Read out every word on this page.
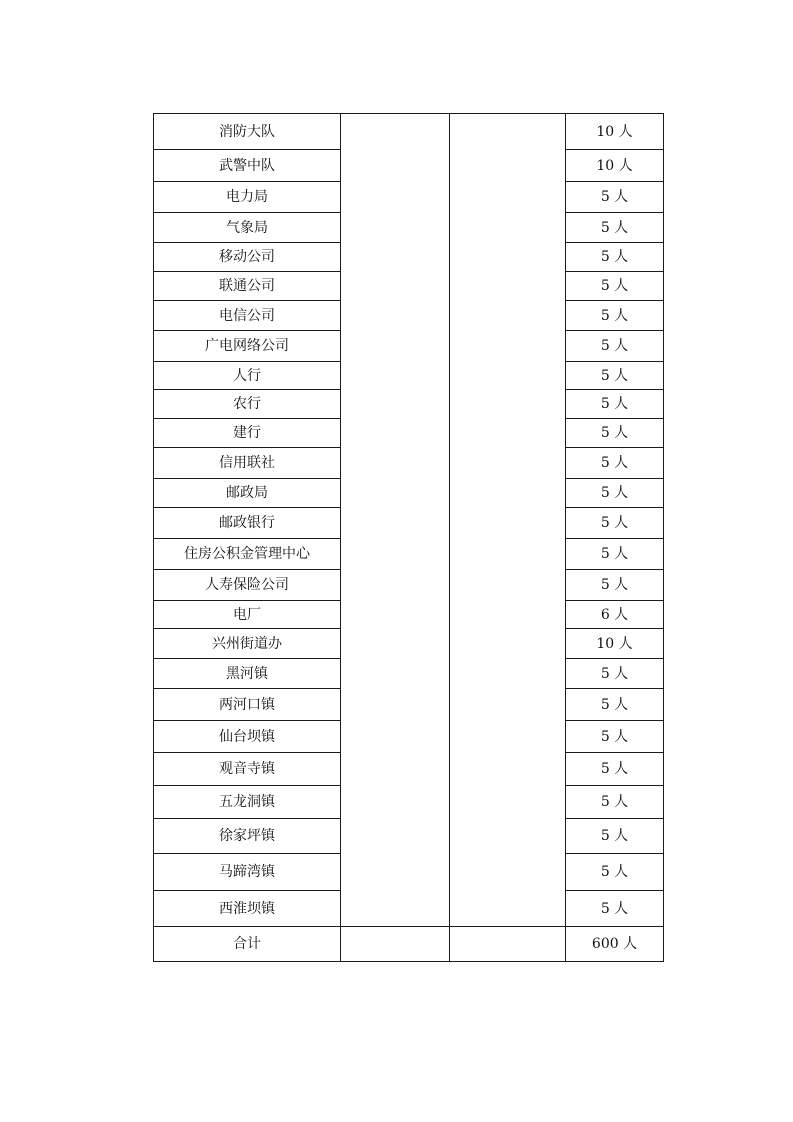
消防大队			10 人
武警中队			10 人
电力局			5 人
气象局			5 人
移动公司			5 人
联通公司			5 人
电信公司			5 人
广电网络公司			5 人
人行			5 人
农行			5 人
建行			5 人
信用联社			5 人
邮政局			5 人
邮政银行			5 人
住房公积金管理中心			5 人
人寿保险公司			5 人
电厂			6 人
兴州街道办			10 人
黑河镇			5 人
两河口镇			5 人
仙台坝镇			5 人
观音寺镇			5 人
五龙洞镇			5 人
徐家坪镇			5 人
马蹄湾镇			5 人
西淮坝镇			5 人
合计			600 人
